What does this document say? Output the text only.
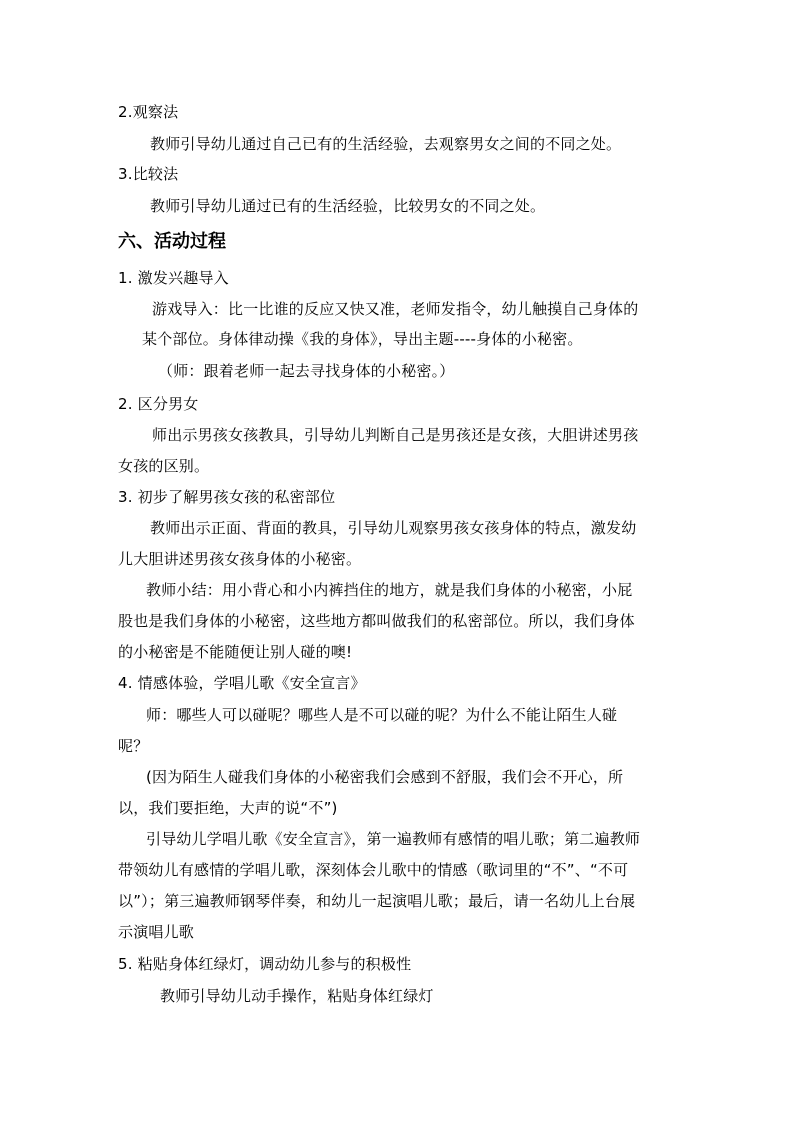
2.观察法
教师引导幼儿通过自己已有的生活经验，去观察男女之间的不同之处。
3.比较法
教师引导幼儿通过已有的生活经验，比较男女的不同之处。
六、活动过程
1. 激发兴趣导入
游戏导入：比一比谁的反应又快又准，老师发指令，幼儿触摸自己身体的
某个部位。身体律动操《我的身体》，导出主题----身体的小秘密。
（师：跟着老师一起去寻找身体的小秘密。）
2. 区分男女
师出示男孩女孩教具，引导幼儿判断自己是男孩还是女孩，大胆讲述男孩
女孩的区别。
3. 初步了解男孩女孩的私密部位
教师出示正面、背面的教具，引导幼儿观察男孩女孩身体的特点，激发幼
儿大胆讲述男孩女孩身体的小秘密。
教师小结：用小背心和小内裤挡住的地方，就是我们身体的小秘密，小屁
股也是我们身体的小秘密，这些地方都叫做我们的私密部位。所以，我们身体
的小秘密是不能随便让别人碰的噢!
4. 情感体验，学唱儿歌《安全宣言》
师：哪些人可以碰呢？哪些人是不可以碰的呢？为什么不能让陌生人碰
呢？
(因为陌生人碰我们身体的小秘密我们会感到不舒服，我们会不开心，所
以，我们要拒绝，大声的说“不”)
引导幼儿学唱儿歌《安全宣言》，第一遍教师有感情的唱儿歌；第二遍教师
带领幼儿有感情的学唱儿歌，深刻体会儿歌中的情感（歌词里的“不”、“不可
以”）；第三遍教师钢琴伴奏，和幼儿一起演唱儿歌；最后，请一名幼儿上台展
示演唱儿歌
5. 粘贴身体红绿灯，调动幼儿参与的积极性
教师引导幼儿动手操作，粘贴身体红绿灯
